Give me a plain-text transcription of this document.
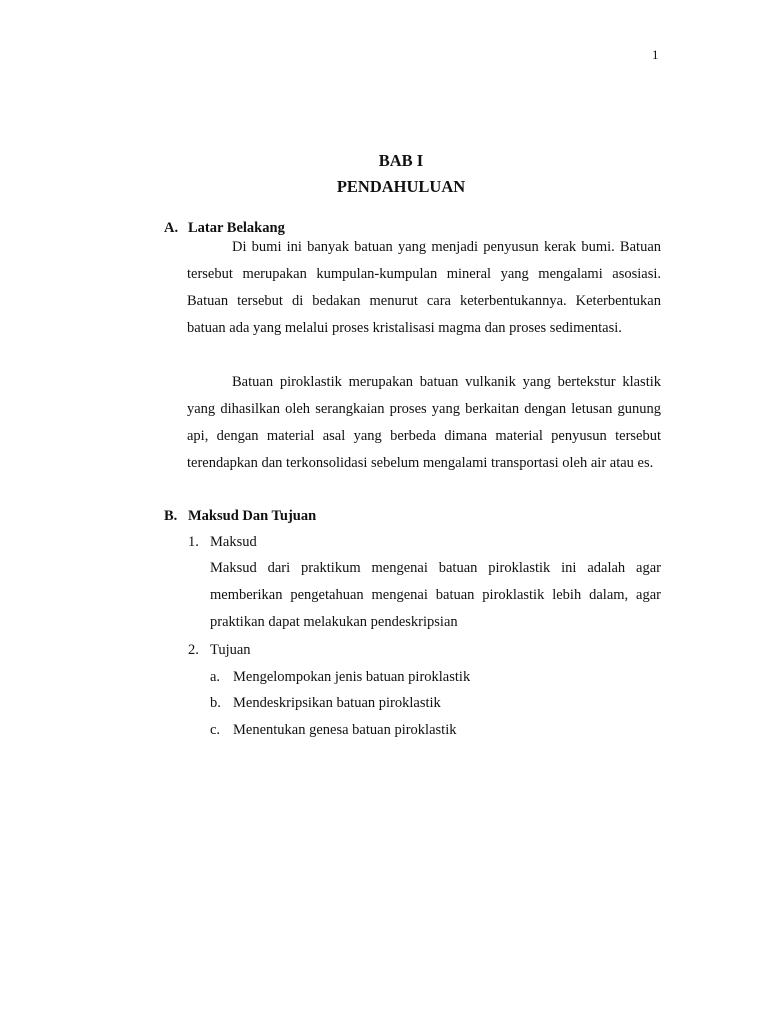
1
BAB I
PENDAHULUAN
A. Latar Belakang

Di bumi ini banyak batuan yang menjadi penyusun kerak bumi. Batuan tersebut merupakan kumpulan-kumpulan mineral yang mengalami asosiasi. Batuan tersebut di bedakan menurut cara keterbentukannya. Keterbentukan batuan ada yang melalui proses kristalisasi magma dan proses sedimentasi.

Batuan piroklastik merupakan batuan vulkanik yang bertekstur klastik yang dihasilkan oleh serangkaian proses yang berkaitan dengan letusan gunung api, dengan material asal yang berbeda dimana material penyusun tersebut terendapkan dan terkonsolidasi sebelum mengalami transportasi oleh air atau es.

B. Maksud Dan Tujuan
1. Maksud

Maksud dari praktikum mengenai batuan piroklastik ini adalah agar memberikan pengetahuan mengenai batuan piroklastik lebih dalam, agar praktikan dapat melakukan pendeskripsian

2. Tujuan
a. Mengelompokan jenis batuan piroklastik
b. Mendeskripsikan batuan piroklastik
c. Menentukan genesa batuan piroklastik
